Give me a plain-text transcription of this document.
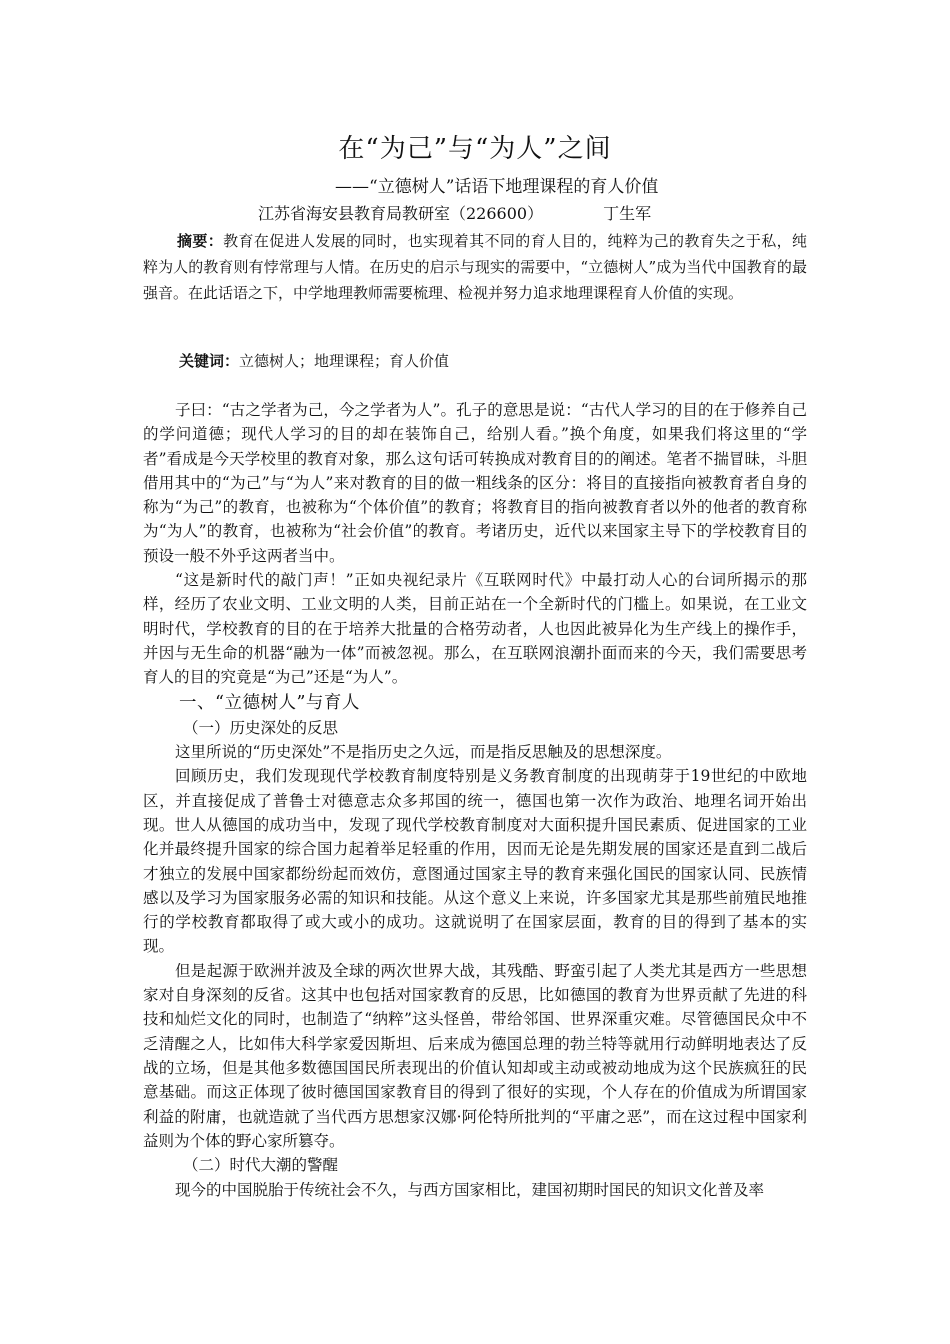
在“为己”与“为人”之间
——“立德树人”话语下地理课程的育人价值
江苏省海安县教育局教研室（226600）	丁生军

摘要：教育在促进人发展的同时，也实现着其不同的育人目的，纯粹为己的教育失之于私，纯粹为人的教育则有悖常理与人情。在历史的启示与现实的需要中，“立德树人”成为当代中国教育的最强音。在此话语之下，中学地理教师需要梳理、检视并努力追求地理课程育人价值的实现。

关键词：立德树人；地理课程；育人价值

子曰：“古之学者为己，今之学者为人”。孔子的意思是说：“古代人学习的目的在于修养自己的学问道德；现代人学习的目的却在装饰自己，给别人看。”换个角度，如果我们将这里的“学者”看成是今天学校里的教育对象，那么这句话可转换成对教育目的的阐述。笔者不揣冒昧，斗胆借用其中的“为己”与“为人”来对教育的目的做一粗线条的区分：将目的直接指向被教育者自身的称为“为己”的教育，也被称为“个体价值”的教育；将教育目的指向被教育者以外的他者的教育称为“为人”的教育，也被称为“社会价值”的教育。考诸历史，近代以来国家主导下的学校教育目的预设一般不外乎这两者当中。

“这是新时代的敲门声！”正如央视纪录片《互联网时代》中最打动人心的台词所揭示的那样，经历了农业文明、工业文明的人类，目前正站在一个全新时代的门槛上。如果说，在工业文明时代，学校教育的目的在于培养大批量的合格劳动者，人也因此被异化为生产线上的操作手，并因与无生命的机器“融为一体”而被忽视。那么，在互联网浪潮扑面而来的今天，我们需要思考育人的目的究竟是“为己”还是“为人”。

一、“立德树人”与育人

（一）历史深处的反思

这里所说的“历史深处”不是指历史之久远，而是指反思触及的思想深度。

回顾历史，我们发现现代学校教育制度特别是义务教育制度的出现萌芽于19世纪的中欧地区，并直接促成了普鲁士对德意志众多邦国的统一，德国也第一次作为政治、地理名词开始出现。世人从德国的成功当中，发现了现代学校教育制度对大面积提升国民素质、促进国家的工业化并最终提升国家的综合国力起着举足轻重的作用，因而无论是先期发展的国家还是直到二战后才独立的发展中国家都纷纷起而效仿，意图通过国家主导的教育来强化国民的国家认同、民族情感以及学习为国家服务必需的知识和技能。从这个意义上来说，许多国家尤其是那些前殖民地推行的学校教育都取得了或大或小的成功。这就说明了在国家层面，教育的目的得到了基本的实现。

但是起源于欧洲并波及全球的两次世界大战，其残酷、野蛮引起了人类尤其是西方一些思想家对自身深刻的反省。这其中也包括对国家教育的反思，比如德国的教育为世界贡献了先进的科技和灿烂文化的同时，也制造了“纳粹”这头怪兽，带给邻国、世界深重灾难。尽管德国民众中不乏清醒之人，比如伟大科学家爱因斯坦、后来成为德国总理的勃兰特等就用行动鲜明地表达了反战的立场，但是其他多数德国国民所表现出的价值认知却或主动或被动地成为这个民族疯狂的民意基础。而这正体现了彼时德国国家教育目的得到了很好的实现，个人存在的价值成为所谓国家利益的附庸，也就造就了当代西方思想家汉娜·阿伦特所批判的“平庸之恶”，而在这过程中国家利益则为个体的野心家所篡夺。

（二）时代大潮的警醒

现今的中国脱胎于传统社会不久，与西方国家相比，建国初期时国民的知识文化普及率
